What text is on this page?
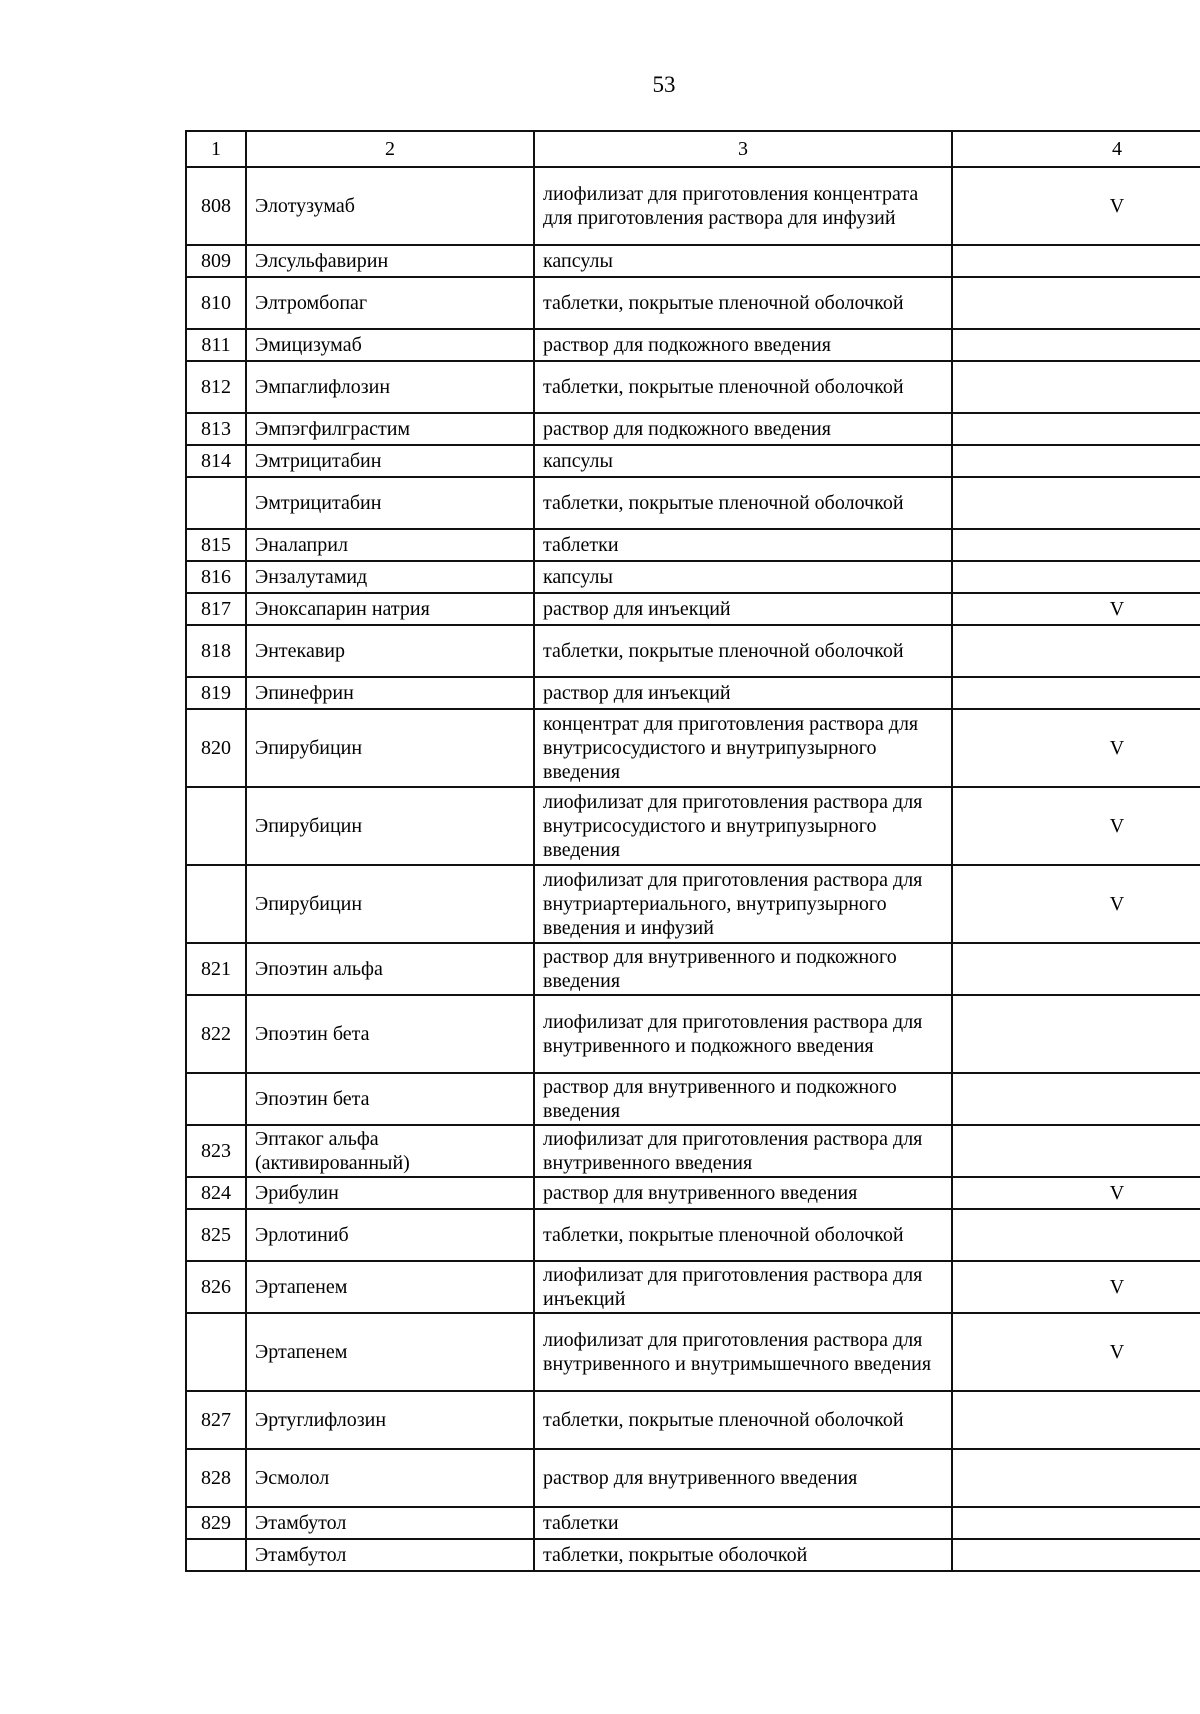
53
1	2	3	4
808	Элотузумаб	лиофилизат для приготовления концентрата для приготовления раствора для инфузий	V
809	Элсульфавирин	капсулы	
810	Элтромбопаг	таблетки, покрытые пленочной оболочкой	
811	Эмицизумаб	раствор для подкожного введения	
812	Эмпаглифлозин	таблетки, покрытые пленочной оболочкой	
813	Эмпэгфилграстим	раствор для подкожного введения	
814	Эмтрицитабин	капсулы	
	Эмтрицитабин	таблетки, покрытые пленочной оболочкой	
815	Эналаприл	таблетки	
816	Энзалутамид	капсулы	
817	Эноксапарин натрия	раствор для инъекций	V
818	Энтекавир	таблетки, покрытые пленочной оболочкой	
819	Эпинефрин	раствор для инъекций	
820	Эпирубицин	концентрат для приготовления раствора для внутрисосудистого и внутрипузырного введения	V
	Эпирубицин	лиофилизат для приготовления раствора для внутрисосудистого и внутрипузырного введения	V
	Эпирубицин	лиофилизат для приготовления раствора для внутриартериального, внутрипузырного введения и инфузий	V
821	Эпоэтин альфа	раствор для внутривенного и подкожного введения	
822	Эпоэтин бета	лиофилизат для приготовления раствора для внутривенного и подкожного введения	
	Эпоэтин бета	раствор для внутривенного и подкожного введения	
823	Эптаког альфа (активированный)	лиофилизат для приготовления раствора для внутривенного введения	
824	Эрибулин	раствор для внутривенного введения	V
825	Эрлотиниб	таблетки, покрытые пленочной оболочкой	
826	Эртапенем	лиофилизат для приготовления раствора для инъекций	V
	Эртапенем	лиофилизат для приготовления раствора для внутривенного и внутримышечного введения	V
827	Эртуглифлозин	таблетки, покрытые пленочной оболочкой	
828	Эсмолол	раствор для внутривенного введения	
829	Этамбутол	таблетки	
	Этамбутол	таблетки, покрытые оболочкой	
